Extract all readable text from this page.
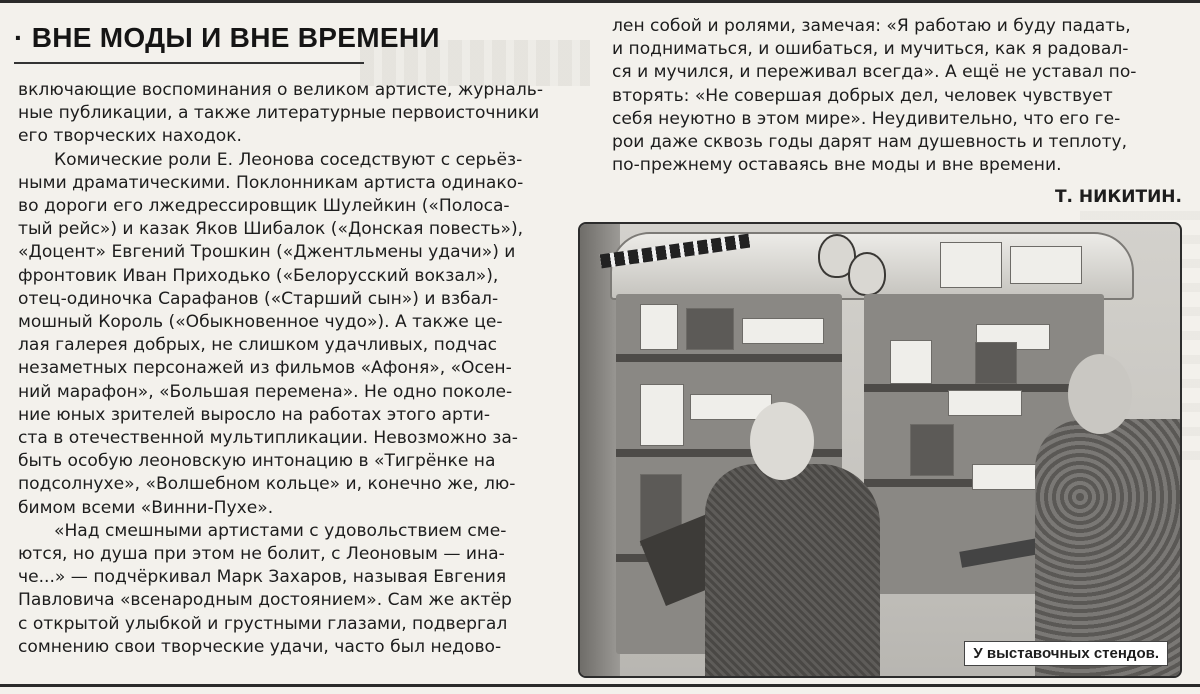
· ВНЕ МОДЫ И ВНЕ ВРЕМЕНИ

включающие воспоминания о великом артисте, журналь-

ные публикации, а также литературные первоисточники

его творческих находок.

Комические роли Е. Леонова соседствуют с серьёз-

ными драматическими. Поклонникам артиста одинако-

во дороги его лжедрессировщик Шулейкин («Полоса-

тый рейс») и казак Яков Шибалок («Донская повесть»),

«Доцент» Евгений Трошкин («Джентльмены удачи») и

фронтовик Иван Приходько («Белорусский вокзал»),

отец-одиночка Сарафанов («Старший сын») и взбал-

мошный Король («Обыкновенное чудо»). А также це-

лая галерея добрых, не слишком удачливых, подчас

незаметных персонажей из фильмов «Афоня», «Осен-

ний марафон», «Большая перемена». Не одно поколе-

ние юных зрителей выросло на работах этого арти-

ста в отечественной мультипликации. Невозможно за-

быть особую леоновскую интонацию в «Тигрёнке на

подсолнухе», «Волшебном кольце» и, конечно же, лю-

бимом всеми «Винни-Пухе».

«Над смешными артистами с удовольствием сме-

ются, но душа при этом не болит, с Леоновым — ина-

че...» — подчёркивал Марк Захаров, называя Евгения

Павловича «всенародным достоянием». Сам же актёр

с открытой улыбкой и грустными глазами, подвергал

сомнению свои творческие удачи, часто был недово-

лен собой и ролями, замечая: «Я работаю и буду падать,

и подниматься, и ошибаться, и мучиться, как я радовал-

ся и мучился, и переживал всегда». А ещё не уставал по-

вторять: «Не совершая добрых дел, человек чувствует

себя неуютно в этом мире». Неудивительно, что его ге-

рои даже сквозь годы дарят нам душевность и теплоту,

по-прежнему оставаясь вне моды и вне времени.

Т. НИКИТИН.

У выставочных стендов.
